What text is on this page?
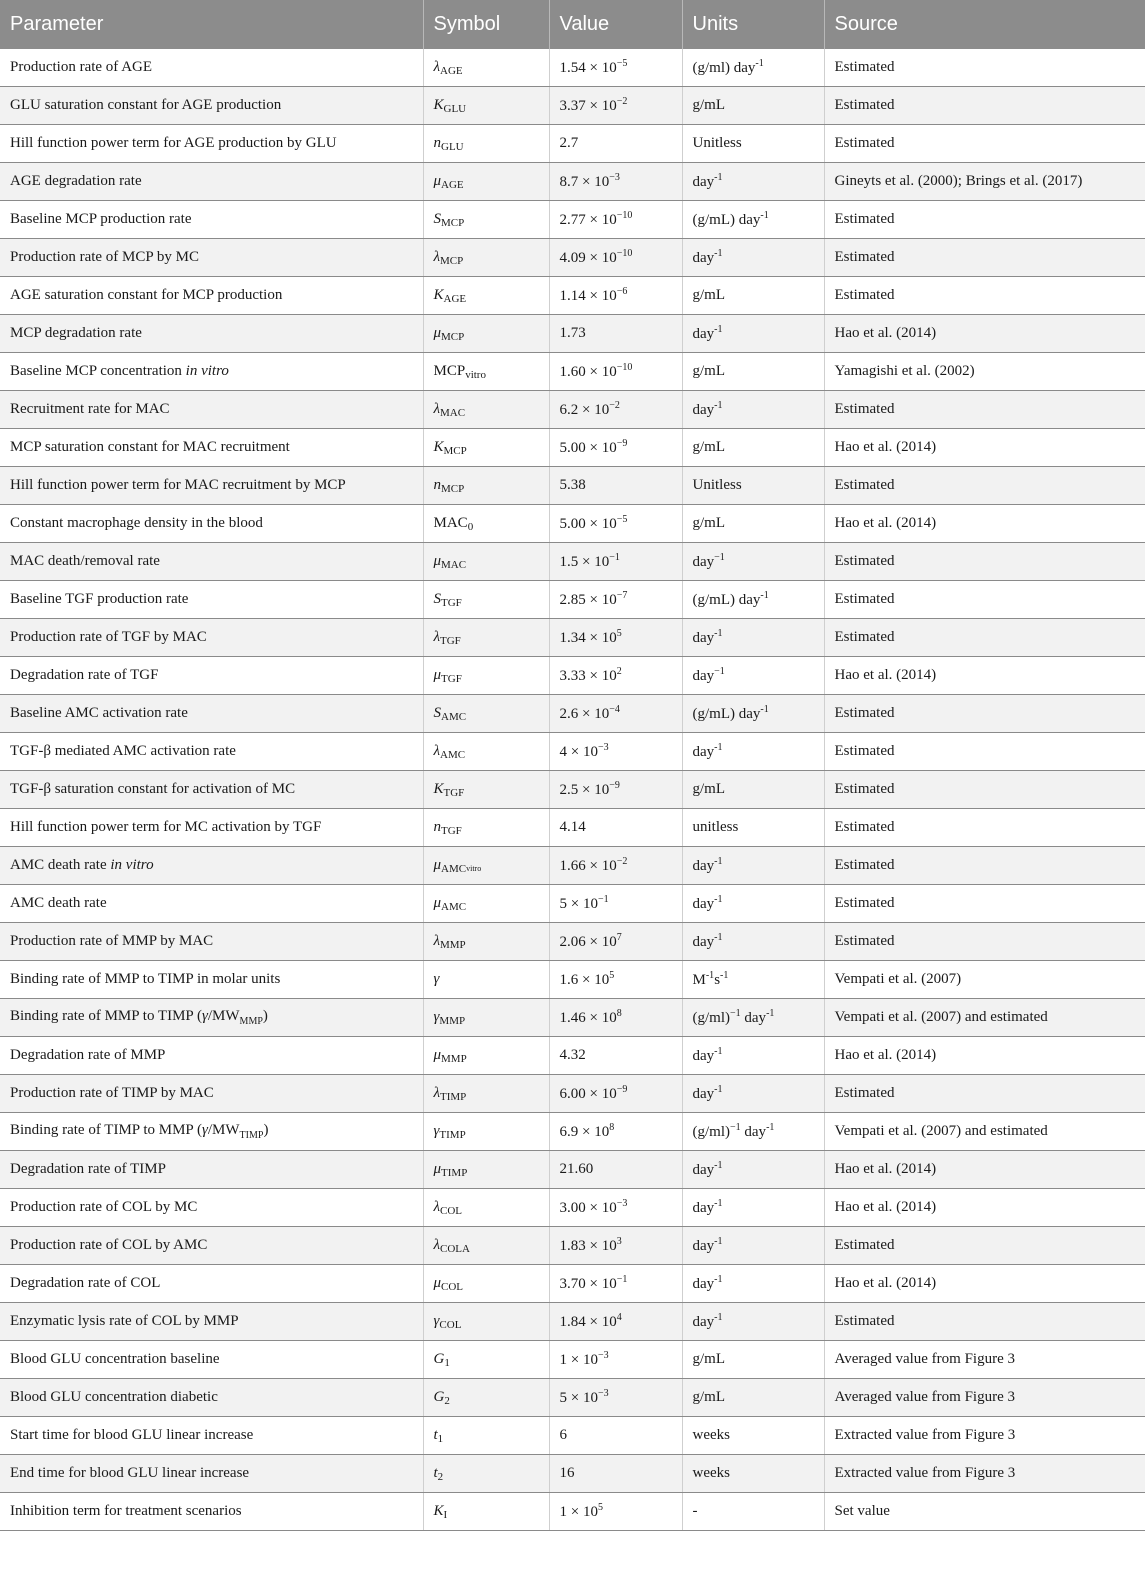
Parameter	Symbol	Value	Units	Source
Production rate of AGE	$\lambda_{AGE}$	$1.54 \times 10^{-5}$	(g/ml) day$^{-1}$	Estimated
GLU saturation constant for AGE production	$K_{GLU}$	$3.37 \times 10^{-2}$	g/mL	Estimated
Hill function power term for AGE production by GLU	$n_{GLU}$	2.7	Unitless	Estimated
AGE degradation rate	$\mu_{AGE}$	$8.7 \times 10^{-3}$	day$^{-1}$	Gineyts et al. (2000); Brings et al. (2017)
Baseline MCP production rate	$S_{MCP}$	$2.77 \times 10^{-10}$	(g/mL) day$^{-1}$	Estimated
Production rate of MCP by MC	$\lambda_{MCP}$	$4.09 \times 10^{-10}$	day$^{-1}$	Estimated
AGE saturation constant for MCP production	$K_{AGE}$	$1.14 \times 10^{-6}$	g/mL	Estimated
MCP degradation rate	$\mu_{MCP}$	1.73	day$^{-1}$	Hao et al. (2014)
Baseline MCP concentration in vitro	$MCP_{vitro}$	$1.60 \times 10^{-10}$	g/mL	Yamagishi et al. (2002)
Recruitment rate for MAC	$\lambda_{MAC}$	$6.2 \times 10^{-2}$	day$^{-1}$	Estimated
MCP saturation constant for MAC recruitment	$K_{MCP}$	$5.00 \times 10^{-9}$	g/mL	Hao et al. (2014)
Hill function power term for MAC recruitment by MCP	$n_{MCP}$	5.38	Unitless	Estimated
Constant macrophage density in the blood	$MAC_0$	$5.00 \times 10^{-5}$	g/mL	Hao et al. (2014)
MAC death/removal rate	$\mu_{MAC}$	$1.5 \times 10^{-1}$	day$^{-1}$	Estimated
Baseline TGF production rate	$S_{TGF}$	$2.85 \times 10^{-7}$	(g/mL) day$^{-1}$	Estimated
Production rate of TGF by MAC	$\lambda_{TGF}$	$1.34 \times 10^5$	day$^{-1}$	Estimated
Degradation rate of TGF	$\mu_{TGF}$	$3.33 \times 10^2$	day$^{-1}$	Hao et al. (2014)
Baseline AMC activation rate	$S_{AMC}$	$2.6 \times 10^{-4}$	(g/mL) day$^{-1}$	Estimated
TGF-β mediated AMC activation rate	$\lambda_{AMC}$	$4 \times 10^{-3}$	day$^{-1}$	Estimated
TGF-β saturation constant for activation of MC	$K_{TGF}$	$2.5 \times 10^{-9}$	g/mL	Estimated
Hill function power term for MC activation by TGF	$n_{TGF}$	4.14	unitless	Estimated
AMC death rate in vitro	$\mu_{AMC}vitro$	$1.66 \times 10^{-2}$	day$^{-1}$	Estimated
AMC death rate	$\mu_{AMC}$	$5 \times 10^{-1}$	day$^{-1}$	Estimated
Production rate of MMP by MAC	$\lambda_{MMP}$	$2.06 \times 10^7$	day$^{-1}$	Estimated
Binding rate of MMP to TIMP in molar units	γ	$1.6 \times 10^5$	$M^{-1}s^{-1}$	Vempati et al. (2007)
Binding rate of MMP to TIMP $(\gamma/MW_{MMP})$	$\gamma_{MMP}$	$1.46 \times 10^8$	$(g/ml)^{-1}$ day$^{-1}$	Vempati et al. (2007) and estimated
Degradation rate of MMP	$\mu_{MMP}$	4.32	day$^{-1}$	Hao et al. (2014)
Production rate of TIMP by MAC	$\lambda_{TIMP}$	$6.00 \times 10^{-9}$	day$^{-1}$	Estimated
Binding rate of TIMP to MMP $(\gamma/MW_{TIMP})$	$\gamma_{TIMP}$	$6.9 \times 10^8$	$(g/ml)^{-1}$ day$^{-1}$	Vempati et al. (2007) and estimated
Degradation rate of TIMP	$\mu_{TIMP}$	21.60	day$^{-1}$	Hao et al. (2014)
Production rate of COL by MC	$\lambda_{COL}$	$3.00 \times 10^{-3}$	day$^{-1}$	Hao et al. (2014)
Production rate of COL by AMC	$\lambda_{COLA}$	$1.83 \times 10^3$	day$^{-1}$	Estimated
Degradation rate of COL	$\mu_{COL}$	$3.70 \times 10^{-1}$	day$^{-1}$	Hao et al. (2014)
Enzymatic lysis rate of COL by MMP	$\gamma_{COL}$	$1.84 \times 10^4$	day$^{-1}$	Estimated
Blood GLU concentration baseline	$G_1$	$1 \times 10^{-3}$	g/mL	Averaged value from Figure 3
Blood GLU concentration diabetic	$G_2$	$5 \times 10^{-3}$	g/mL	Averaged value from Figure 3
Start time for blood GLU linear increase	$t_1$	6	weeks	Extracted value from Figure 3
End time for blood GLU linear increase	$t_2$	16	weeks	Extracted value from Figure 3
Inhibition term for treatment scenarios	$K_I$	$1 \times 10^5$	-	Set value
